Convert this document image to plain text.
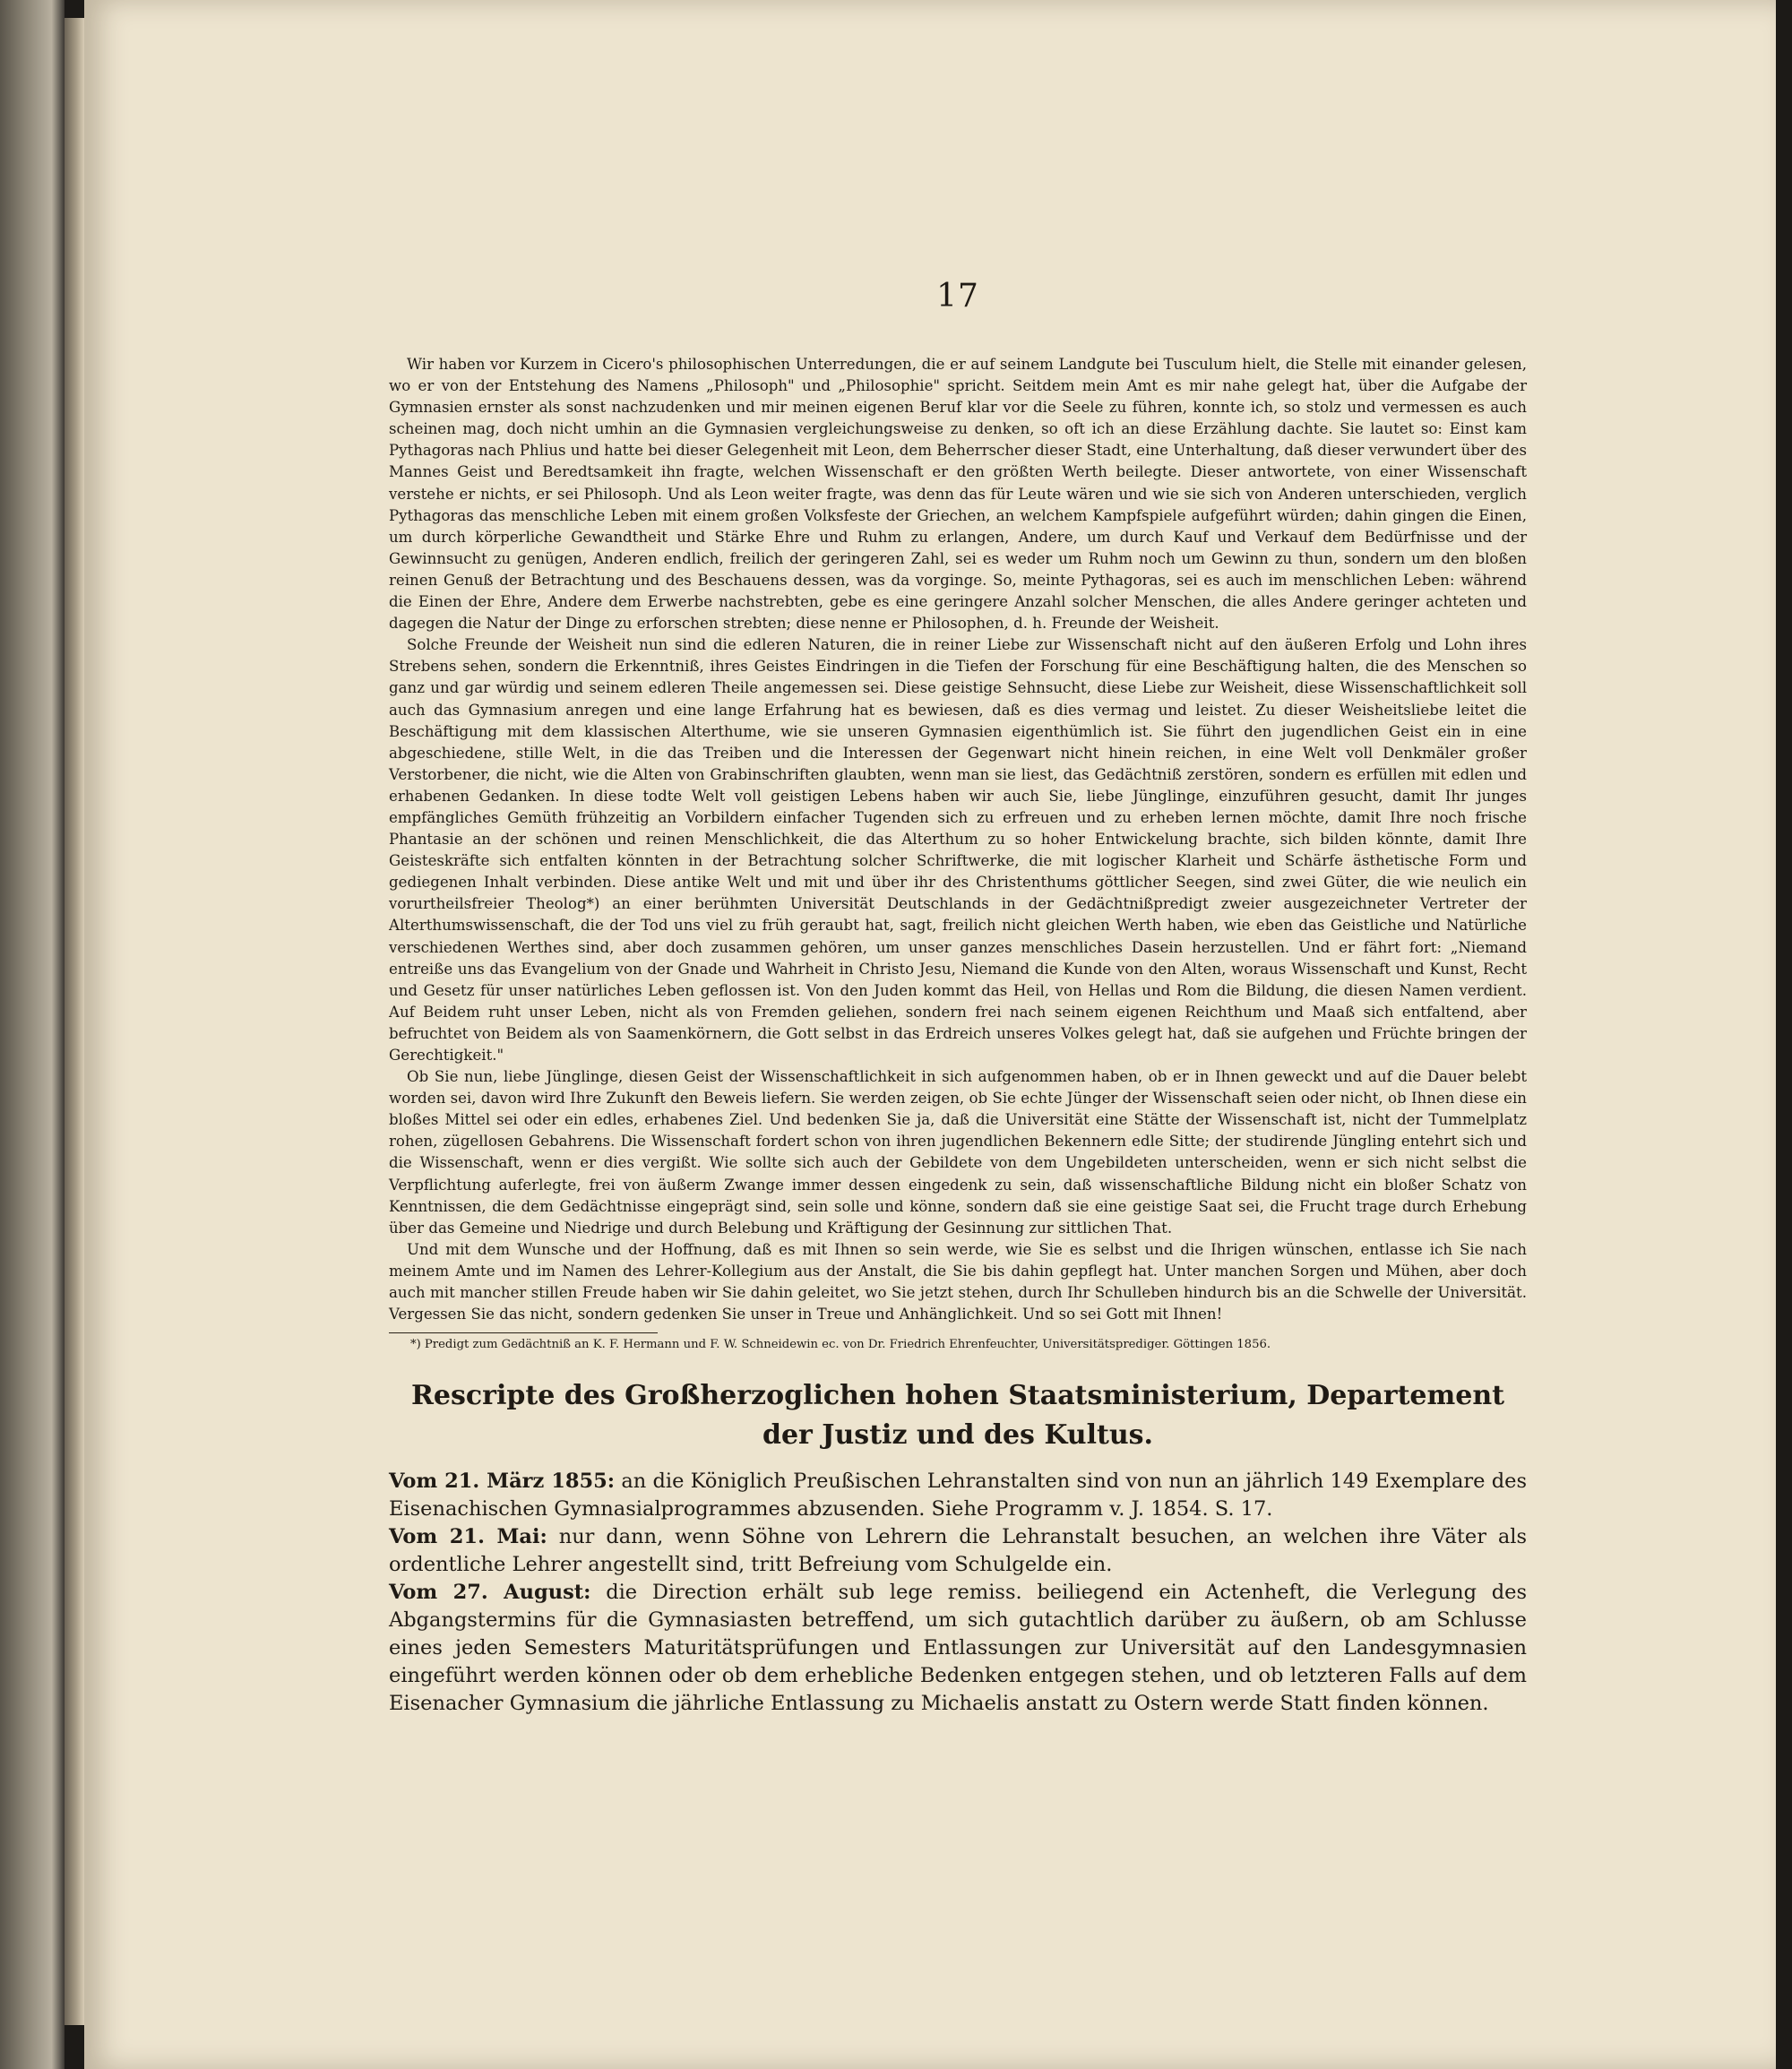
17

Wir haben vor Kurzem in Cicero's philosophischen Unterredungen, die er auf seinem Landgute bei Tusculum hielt, die Stelle mit einander gelesen, wo er von der Entstehung des Namens „Philosoph" und „Philosophie" spricht. Seitdem mein Amt es mir nahe gelegt hat, über die Aufgabe der Gymnasien ernster als sonst nachzudenken und mir meinen eigenen Beruf klar vor die Seele zu führen, konnte ich, so stolz und vermessen es auch scheinen mag, doch nicht umhin an die Gymnasien vergleichungsweise zu denken, so oft ich an diese Erzählung dachte. Sie lautet so: Einst kam Pythagoras nach Phlius und hatte bei dieser Gelegenheit mit Leon, dem Beherrscher dieser Stadt, eine Unterhaltung, daß dieser verwundert über des Mannes Geist und Beredtsamkeit ihn fragte, welchen Wissenschaft er den größten Werth beilegte. Dieser antwortete, von einer Wissenschaft verstehe er nichts, er sei Philosoph. Und als Leon weiter fragte, was denn das für Leute wären und wie sie sich von Anderen unterschieden, verglich Pythagoras das menschliche Leben mit einem großen Volksfeste der Griechen, an welchem Kampfspiele aufgeführt würden; dahin gingen die Einen, um durch körperliche Gewandtheit und Stärke Ehre und Ruhm zu erlangen, Andere, um durch Kauf und Verkauf dem Bedürfnisse und der Gewinnsucht zu genügen, Anderen endlich, freilich der geringeren Zahl, sei es weder um Ruhm noch um Gewinn zu thun, sondern um den bloßen reinen Genuß der Betrachtung und des Beschauens dessen, was da vorginge. So, meinte Pythagoras, sei es auch im menschlichen Leben: während die Einen der Ehre, Andere dem Erwerbe nachstrebten, gebe es eine geringere Anzahl solcher Menschen, die alles Andere geringer achteten und dagegen die Natur der Dinge zu erforschen strebten; diese nenne er Philosophen, d. h. Freunde der Weisheit.

Solche Freunde der Weisheit nun sind die edleren Naturen, die in reiner Liebe zur Wissenschaft nicht auf den äußeren Erfolg und Lohn ihres Strebens sehen, sondern die Erkenntniß, ihres Geistes Eindringen in die Tiefen der Forschung für eine Beschäftigung halten, die des Menschen so ganz und gar würdig und seinem edleren Theile angemessen sei. Diese geistige Sehnsucht, diese Liebe zur Weisheit, diese Wissenschaftlichkeit soll auch das Gymnasium anregen und eine lange Erfahrung hat es bewiesen, daß es dies vermag und leistet. Zu dieser Weisheitsliebe leitet die Beschäftigung mit dem klassischen Alterthume, wie sie unseren Gymnasien eigenthümlich ist. Sie führt den jugendlichen Geist ein in eine abgeschiedene, stille Welt, in die das Treiben und die Interessen der Gegenwart nicht hinein reichen, in eine Welt voll Denkmäler großer Verstorbener, die nicht, wie die Alten von Grabinschriften glaubten, wenn man sie liest, das Gedächtniß zerstören, sondern es erfüllen mit edlen und erhabenen Gedanken. In diese todte Welt voll geistigen Lebens haben wir auch Sie, liebe Jünglinge, einzuführen gesucht, damit Ihr junges empfängliches Gemüth frühzeitig an Vorbildern einfacher Tugenden sich zu erfreuen und zu erheben lernen möchte, damit Ihre noch frische Phantasie an der schönen und reinen Menschlichkeit, die das Alterthum zu so hoher Entwickelung brachte, sich bilden könnte, damit Ihre Geisteskräfte sich entfalten könnten in der Betrachtung solcher Schriftwerke, die mit logischer Klarheit und Schärfe ästhetische Form und gediegenen Inhalt verbinden. Diese antike Welt und mit und über ihr des Christenthums göttlicher Seegen, sind zwei Güter, die wie neulich ein vorurtheilsfreier Theolog*) an einer berühmten Universität Deutschlands in der Gedächtnißpredigt zweier ausgezeichneter Vertreter der Alterthumswissenschaft, die der Tod uns viel zu früh geraubt hat, sagt, freilich nicht gleichen Werth haben, wie eben das Geistliche und Natürliche verschiedenen Werthes sind, aber doch zusammen gehören, um unser ganzes menschliches Dasein herzustellen. Und er fährt fort: „Niemand entreiße uns das Evangelium von der Gnade und Wahrheit in Christo Jesu, Niemand die Kunde von den Alten, woraus Wissenschaft und Kunst, Recht und Gesetz für unser natürliches Leben geflossen ist. Von den Juden kommt das Heil, von Hellas und Rom die Bildung, die diesen Namen verdient. Auf Beidem ruht unser Leben, nicht als von Fremden geliehen, sondern frei nach seinem eigenen Reichthum und Maaß sich entfaltend, aber befruchtet von Beidem als von Saamenkörnern, die Gott selbst in das Erdreich unseres Volkes gelegt hat, daß sie aufgehen und Früchte bringen der Gerechtigkeit."

Ob Sie nun, liebe Jünglinge, diesen Geist der Wissenschaftlichkeit in sich aufgenommen haben, ob er in Ihnen geweckt und auf die Dauer belebt worden sei, davon wird Ihre Zukunft den Beweis liefern. Sie werden zeigen, ob Sie echte Jünger der Wissenschaft seien oder nicht, ob Ihnen diese ein bloßes Mittel sei oder ein edles, erhabenes Ziel. Und bedenken Sie ja, daß die Universität eine Stätte der Wissenschaft ist, nicht der Tummelplatz rohen, zügellosen Gebahrens. Die Wissenschaft fordert schon von ihren jugendlichen Bekennern edle Sitte; der studirende Jüngling entehrt sich und die Wissenschaft, wenn er dies vergißt. Wie sollte sich auch der Gebildete von dem Ungebildeten unterscheiden, wenn er sich nicht selbst die Verpflichtung auferlegte, frei von äußerm Zwange immer dessen eingedenk zu sein, daß wissenschaftliche Bildung nicht ein bloßer Schatz von Kenntnissen, die dem Gedächtnisse eingeprägt sind, sein solle und könne, sondern daß sie eine geistige Saat sei, die Frucht trage durch Erhebung über das Gemeine und Niedrige und durch Belebung und Kräftigung der Gesinnung zur sittlichen That.

Und mit dem Wunsche und der Hoffnung, daß es mit Ihnen so sein werde, wie Sie es selbst und die Ihrigen wünschen, entlasse ich Sie nach meinem Amte und im Namen des Lehrer-Kollegium aus der Anstalt, die Sie bis dahin gepflegt hat. Unter manchen Sorgen und Mühen, aber doch auch mit mancher stillen Freude haben wir Sie dahin geleitet, wo Sie jetzt stehen, durch Ihr Schulleben hindurch bis an die Schwelle der Universität. Vergessen Sie das nicht, sondern gedenken Sie unser in Treue und Anhänglichkeit. Und so sei Gott mit Ihnen!

*) Predigt zum Gedächtniß an K. F. Hermann und F. W. Schneidewin ec. von Dr. Friedrich Ehrenfeuchter, Universitätsprediger. Göttingen 1856.
Rescripte des Großherzoglichen hohen Staatsministerium, Departement der Justiz und des Kultus.

Vom 21. März 1855: an die Königlich Preußischen Lehranstalten sind von nun an jährlich 149 Exemplare des Eisenachischen Gymnasialprogrammes abzusenden. Siehe Programm v. J. 1854. S. 17.

Vom 21. Mai: nur dann, wenn Söhne von Lehrern die Lehranstalt besuchen, an welchen ihre Väter als ordentliche Lehrer angestellt sind, tritt Befreiung vom Schulgelde ein.

Vom 27. August: die Direction erhält sub lege remiss. beiliegend ein Actenheft, die Verlegung des Abgangstermins für die Gymnasiasten betreffend, um sich gutachtlich darüber zu äußern, ob am Schlusse eines jeden Semesters Maturitätsprüfungen und Entlassungen zur Universität auf den Landesgymnasien eingeführt werden können oder ob dem erhebliche Bedenken entgegen stehen, und ob letzteren Falls auf dem Eisenacher Gymnasium die jährliche Entlassung zu Michaelis anstatt zu Ostern werde Statt finden können.
